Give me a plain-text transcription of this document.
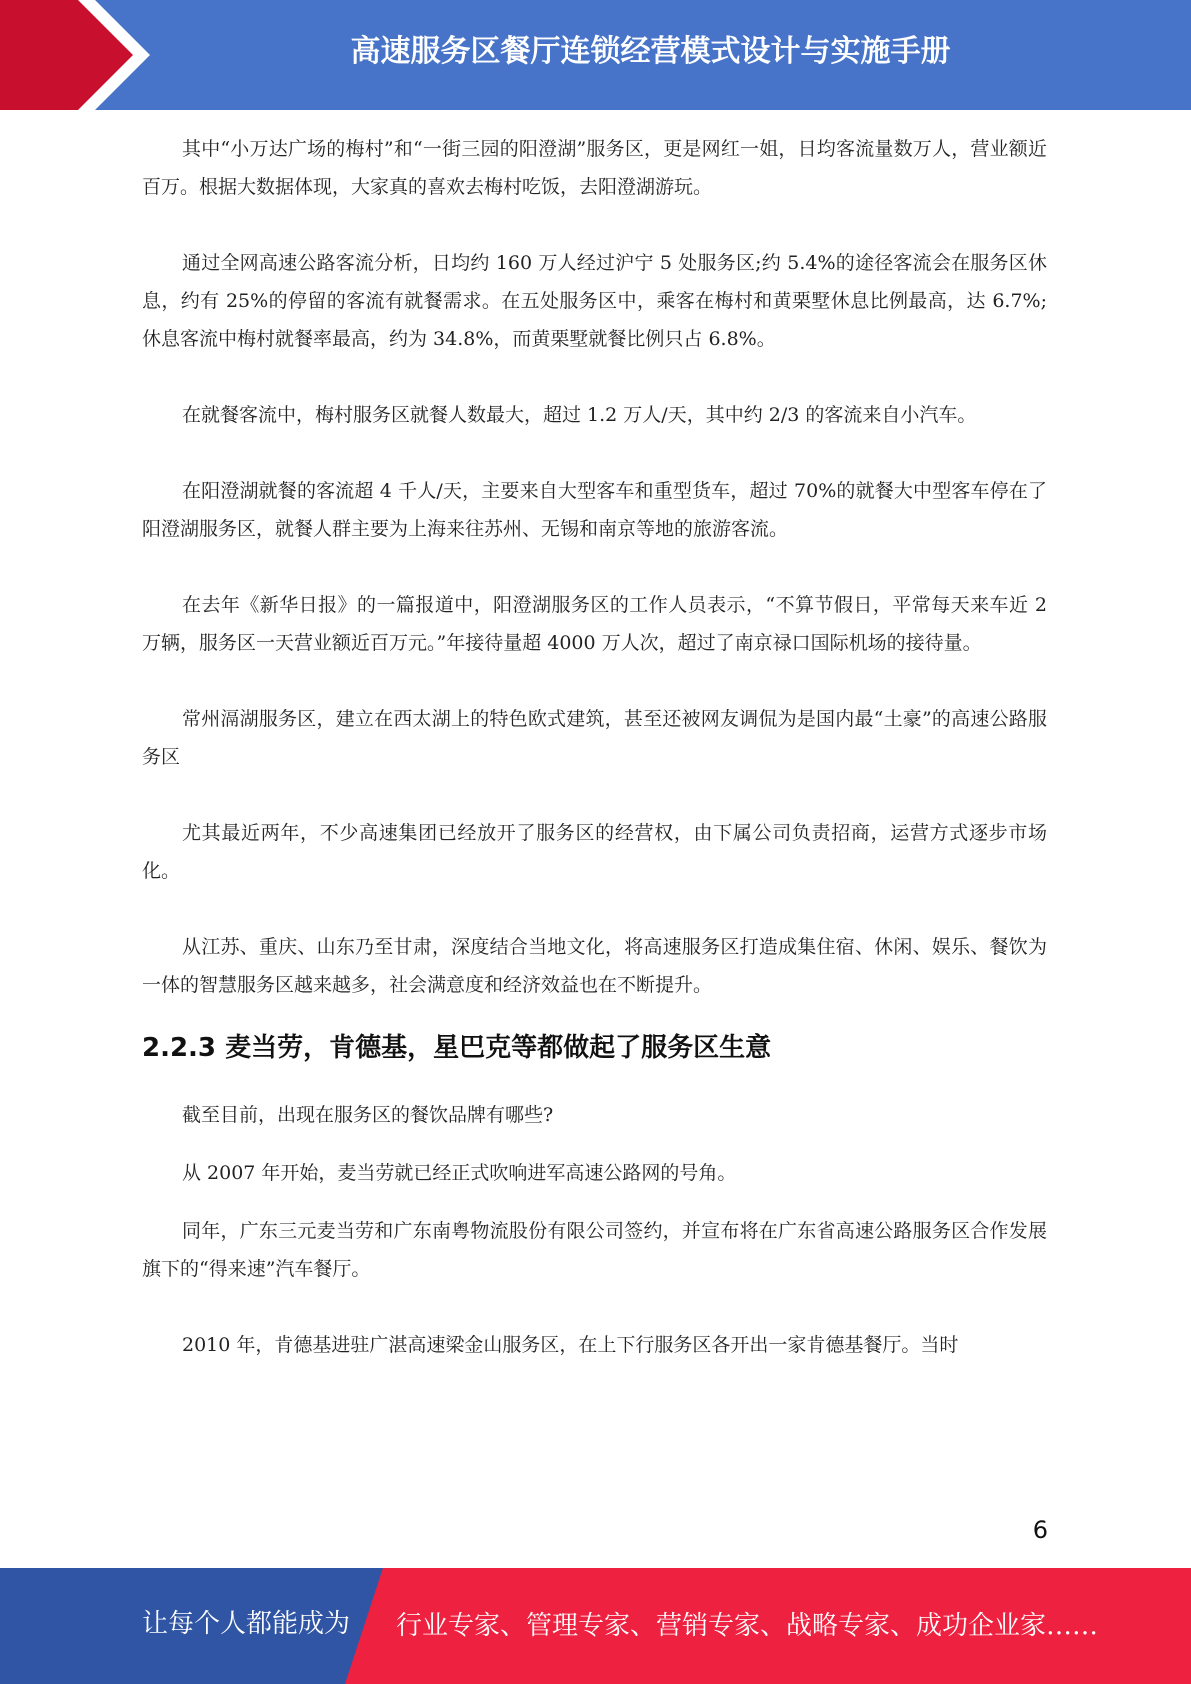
高速服务区餐厅连锁经营模式设计与实施手册

其中“小万达广场的梅村”和“一街三园的阳澄湖”服务区，更是网红一姐，日均客流量数万人，营业额近百万。根据大数据体现，大家真的喜欢去梅村吃饭，去阳澄湖游玩。

通过全网高速公路客流分析，日均约 160 万人经过沪宁 5 处服务区;约 5.4%的途径客流会在服务区休息，约有 25%的停留的客流有就餐需求。在五处服务区中，乘客在梅村和黄栗墅休息比例最高，达 6.7%;休息客流中梅村就餐率最高，约为 34.8%，而黄栗墅就餐比例只占 6.8%。

在就餐客流中，梅村服务区就餐人数最大，超过 1.2 万人/天，其中约 2/3 的客流来自小汽车。

在阳澄湖就餐的客流超 4 千人/天，主要来自大型客车和重型货车，超过 70%的就餐大中型客车停在了阳澄湖服务区，就餐人群主要为上海来往苏州、无锡和南京等地的旅游客流。

在去年《新华日报》的一篇报道中，阳澄湖服务区的工作人员表示，“不算节假日，平常每天来车近 2 万辆，服务区一天营业额近百万元。”年接待量超 4000 万人次，超过了南京禄口国际机场的接待量。

常州滆湖服务区，建立在西太湖上的特色欧式建筑，甚至还被网友调侃为是国内最“土豪”的高速公路服务区

尤其最近两年，不少高速集团已经放开了服务区的经营权，由下属公司负责招商，运营方式逐步市场化。

从江苏、重庆、山东乃至甘肃，深度结合当地文化，将高速服务区打造成集住宿、休闲、娱乐、餐饮为一体的智慧服务区越来越多，社会满意度和经济效益也在不断提升。

2.2.3 麦当劳，肯德基，星巴克等都做起了服务区生意

截至目前，出现在服务区的餐饮品牌有哪些?

从 2007 年开始，麦当劳就已经正式吹响进军高速公路网的号角。

同年，广东三元麦当劳和广东南粤物流股份有限公司签约，并宣布将在广东省高速公路服务区合作发展旗下的“得来速”汽车餐厅。

2010 年，肯德基进驻广湛高速梁金山服务区，在上下行服务区各开出一家肯德基餐厅。当时

6
让每个人都能成为 行业专家、管理专家、营销专家、战略专家、成功企业家……
